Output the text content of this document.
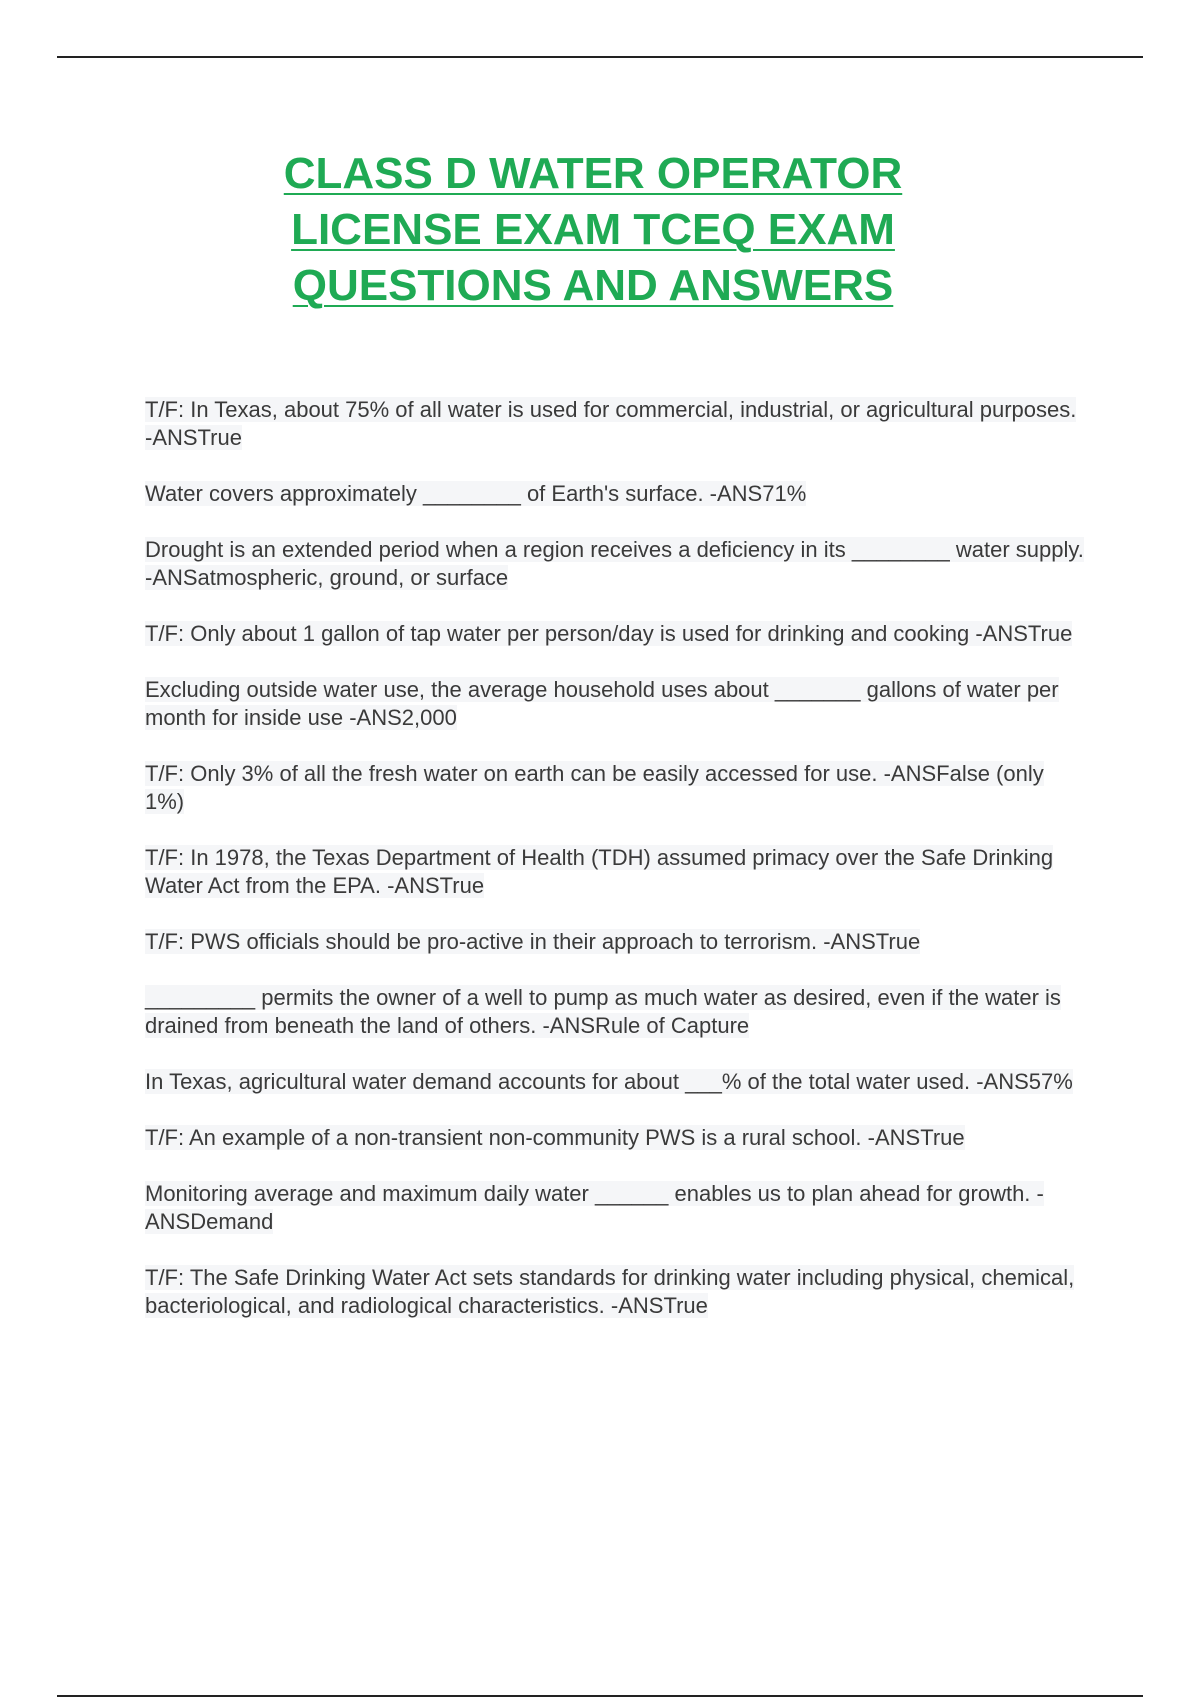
CLASS D WATER OPERATOR
LICENSE EXAM TCEQ EXAM
QUESTIONS AND ANSWERS
T/F: In Texas, about 75% of all water is used for commercial, industrial, or agricultural purposes. -ANSTrue
Water covers approximately ________ of Earth's surface. -ANS71%
Drought is an extended period when a region receives a deficiency in its ________ water supply. -ANSatmospheric, ground, or surface
T/F: Only about 1 gallon of tap water per person/day is used for drinking and cooking -ANSTrue
Excluding outside water use, the average household uses about _______ gallons of water per month for inside use -ANS2,000
T/F: Only 3% of all the fresh water on earth can be easily accessed for use. -ANSFalse (only 1%)
T/F: In 1978, the Texas Department of Health (TDH) assumed primacy over the Safe Drinking Water Act from the EPA. -ANSTrue
T/F: PWS officials should be pro-active in their approach to terrorism. -ANSTrue
_________ permits the owner of a well to pump as much water as desired, even if the water is drained from beneath the land of others. -ANSRule of Capture
In Texas, agricultural water demand accounts for about ___% of the total water used. -ANS57%
T/F: An example of a non-transient non-community PWS is a rural school. -ANSTrue
Monitoring average and maximum daily water ______ enables us to plan ahead for growth. -ANSDemand
T/F: The Safe Drinking Water Act sets standards for drinking water including physical, chemical, bacteriological, and radiological characteristics. -ANSTrue
